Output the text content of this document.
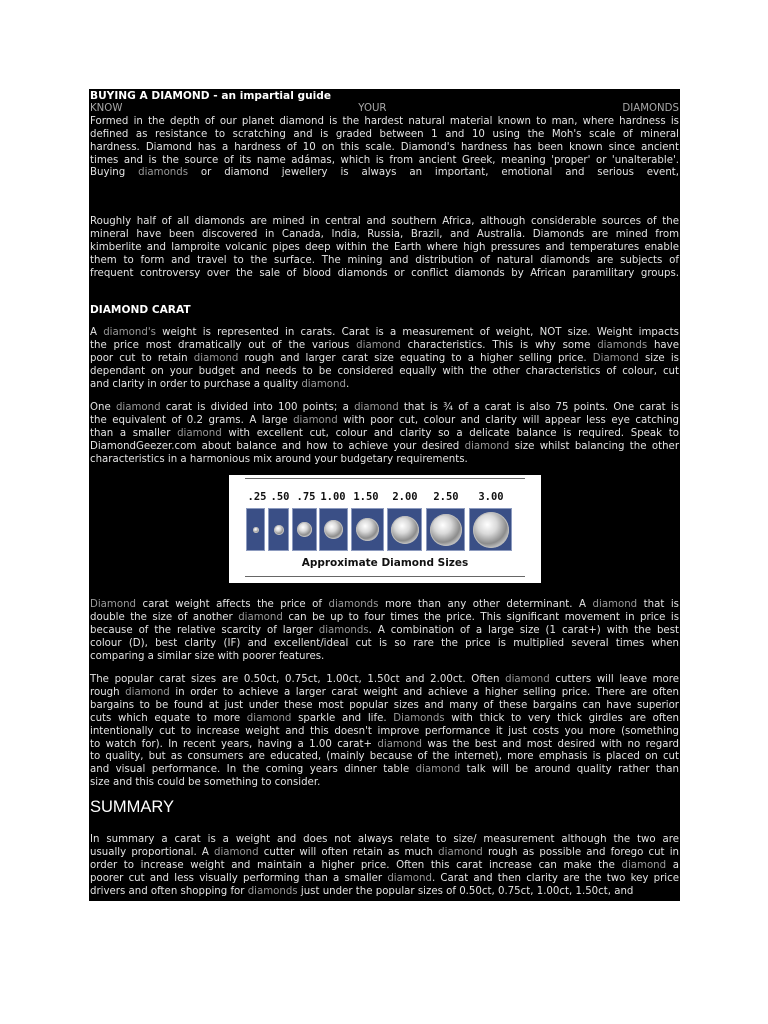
BUYING A DIAMOND - an impartial guide
KNOW	YOUR	DIAMONDS
Formed in the depth of our planet diamond is the hardest natural material known to man, where hardness is
defined as resistance to scratching and is graded between 1 and 10 using the Moh's scale of mineral
hardness. Diamond has a hardness of 10 on this scale. Diamond's hardness has been known since ancient
times and is the source of its name adámas, which is from ancient Greek, meaning 'proper' or 'unalterable'.
Buying diamonds or diamond jewellery is always an important, emotional and serious event,
Roughly half of all diamonds are mined in central and southern Africa, although considerable sources of the
mineral have been discovered in Canada, India, Russia, Brazil, and Australia. Diamonds are mined from
kimberlite and lamproite volcanic pipes deep within the Earth where high pressures and temperatures enable
them to form and travel to the surface. The mining and distribution of natural diamonds are subjects of
frequent controversy over the sale of blood diamonds or conflict diamonds by African paramilitary groups.
DIAMOND CARAT
A diamond's weight is represented in carats. Carat is a measurement of weight, NOT size. Weight impacts
the price most dramatically out of the various diamond characteristics. This is why some diamonds have
poor cut to retain diamond rough and larger carat size equating to a higher selling price. Diamond size is
dependant on your budget and needs to be considered equally with the other characteristics of colour, cut
and clarity in order to purchase a quality diamond.
One diamond carat is divided into 100 points; a diamond that is ¾ of a carat is also 75 points. One carat is
the equivalent of 0.2 grams. A large diamond with poor cut, colour and clarity will appear less eye catching
than a smaller diamond with excellent cut, colour and clarity so a delicate balance is required. Speak to
DiamondGeezer.com about balance and how to achieve your desired diamond size whilst balancing the other
characteristics in a harmonious mix around your budgetary requirements.
.25 .50 .75 1.00 1.50	2.00	2.50	3.00
Approximate Diamond Sizes
Diamond carat weight affects the price of diamonds more than any other determinant. A diamond that is
double the size of another diamond can be up to four times the price. This significant movement in price is
because of the relative scarcity of larger diamonds. A combination of a large size (1 carat+) with the best
colour (D), best clarity (IF) and excellent/ideal cut is so rare the price is multiplied several times when
comparing a similar size with poorer features.
The popular carat sizes are 0.50ct, 0.75ct, 1.00ct, 1.50ct and 2.00ct. Often diamond cutters will leave more
rough diamond in order to achieve a larger carat weight and achieve a higher selling price. There are often
bargains to be found at just under these most popular sizes and many of these bargains can have superior
cuts which equate to more diamond sparkle and life. Diamonds with thick to very thick girdles are often
intentionally cut to increase weight and this doesn't improve performance it just costs you more (something
to watch for). In recent years, having a 1.00 carat+ diamond was the best and most desired with no regard
to quality, but as consumers are educated, (mainly because of the internet), more emphasis is placed on cut
and visual performance. In the coming years dinner table diamond talk will be around quality rather than
size and this could be something to consider.
SUMMARY
In summary a carat is a weight and does not always relate to size/ measurement although the two are
usually proportional. A diamond cutter will often retain as much diamond rough as possible and forego cut in
order to increase weight and maintain a higher price. Often this carat increase can make the diamond a
poorer cut and less visually performing than a smaller diamond. Carat and then clarity are the two key price
drivers and often shopping for diamonds just under the popular sizes of 0.50ct, 0.75ct, 1.00ct, 1.50ct, and
